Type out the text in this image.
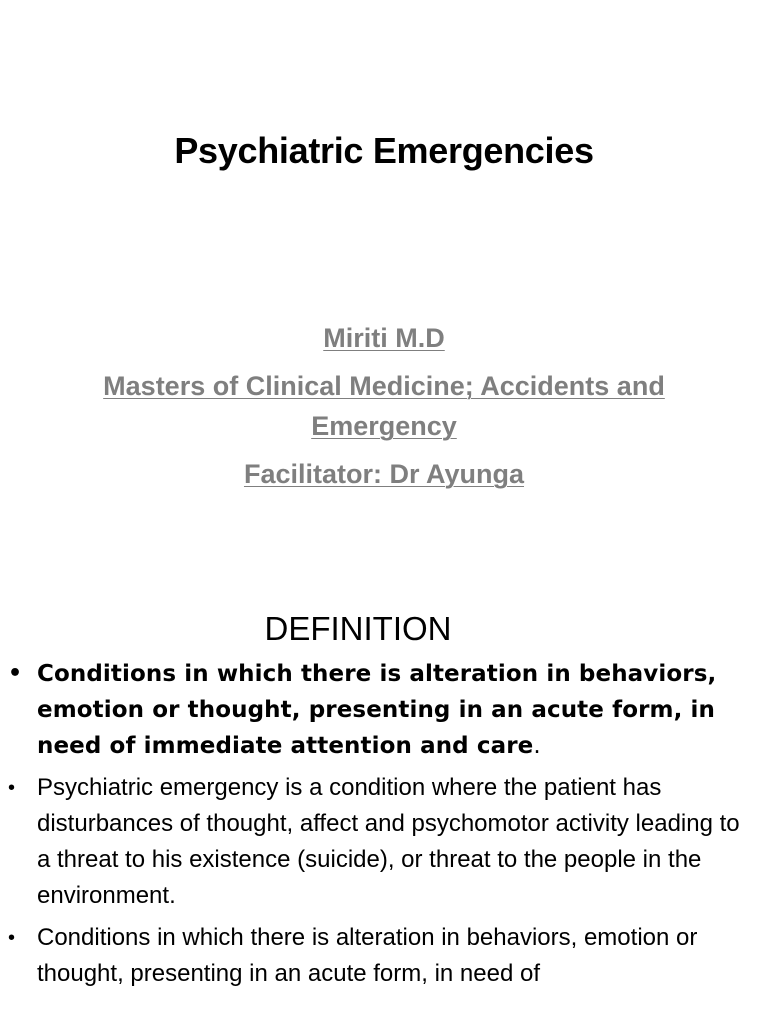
Psychiatric Emergencies
Miriti M.D
Masters of Clinical Medicine; Accidents and
Emergency
Facilitator: Dr Ayunga
DEFINITION
• Conditions in which there is alteration in behaviors, emotion or thought, presenting in an acute form, in need of immediate attention and care.
• Psychiatric emergency is a condition where the patient has disturbances of thought, affect and psychomotor activity leading to a threat to his existence (suicide), or threat to the people in the environment.
• Conditions in which there is alteration in behaviors, emotion or thought, presenting in an acute form, in need of
